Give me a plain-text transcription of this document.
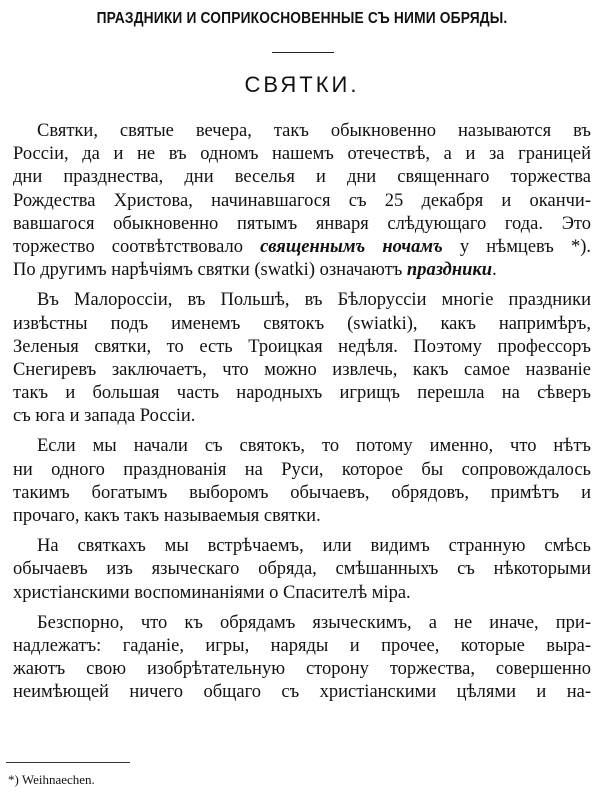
ПРАЗДНИКИ И СОПРИКОСНОВЕННЫЕ СЪ НИМИ ОБРЯДЫ.
СВЯТКИ.
Святки, святые вечера, такъ обыкновенно называются въ
Россіи, да и не въ одномъ нашемъ отечествѣ, а и за границей
дни празднества, дни веселья и дни священнаго торжества
Рождества Христова, начинавшагося съ 25 декабря и оканчи-
вавшагося обыкновенно пятымъ января слѣдующаго года. Это
торжество соотвѣтствовало священнымъ ночамъ у нѣмцевъ *).
По другимъ нарѣчіямъ святки (swatki) означаютъ праздники.
Въ Малороссіи, въ Польшѣ, въ Бѣлоруссіи многіе праздники
извѣстны подъ именемъ святокъ (swiatki), какъ напримѣръ,
Зеленыя святки, то есть Троицкая недѣля. Поэтому профессоръ
Снегиревъ заключаетъ, что можно извлечь, какъ самое названіе
такъ и большая часть народныхъ игрищъ перешла на сѣверъ
съ юга и запада Россіи.
Если мы начали съ святокъ, то потому именно, что нѣтъ
ни одного празднованія на Руси, которое бы сопровождалось
такимъ богатымъ выборомъ обычаевъ, обрядовъ, примѣтъ и
прочаго, какъ такъ называемыя святки.
На святкахъ мы встрѣчаемъ, или видимъ странную смѣсь
обычаевъ изъ языческаго обряда, смѣшанныхъ съ нѣкоторыми
христіанскими воспоминаніями о Спасителѣ міра.
Безспорно, что къ обрядамъ языческимъ, а не иначе, при-
надлежатъ: гаданіе, игры, наряды и прочее, которые выра-
жаютъ свою изобрѣтательную сторону торжества, совершенно
неимѣющей ничего общаго съ христіанскими цѣлями и на-
*) Weihnaechen.
